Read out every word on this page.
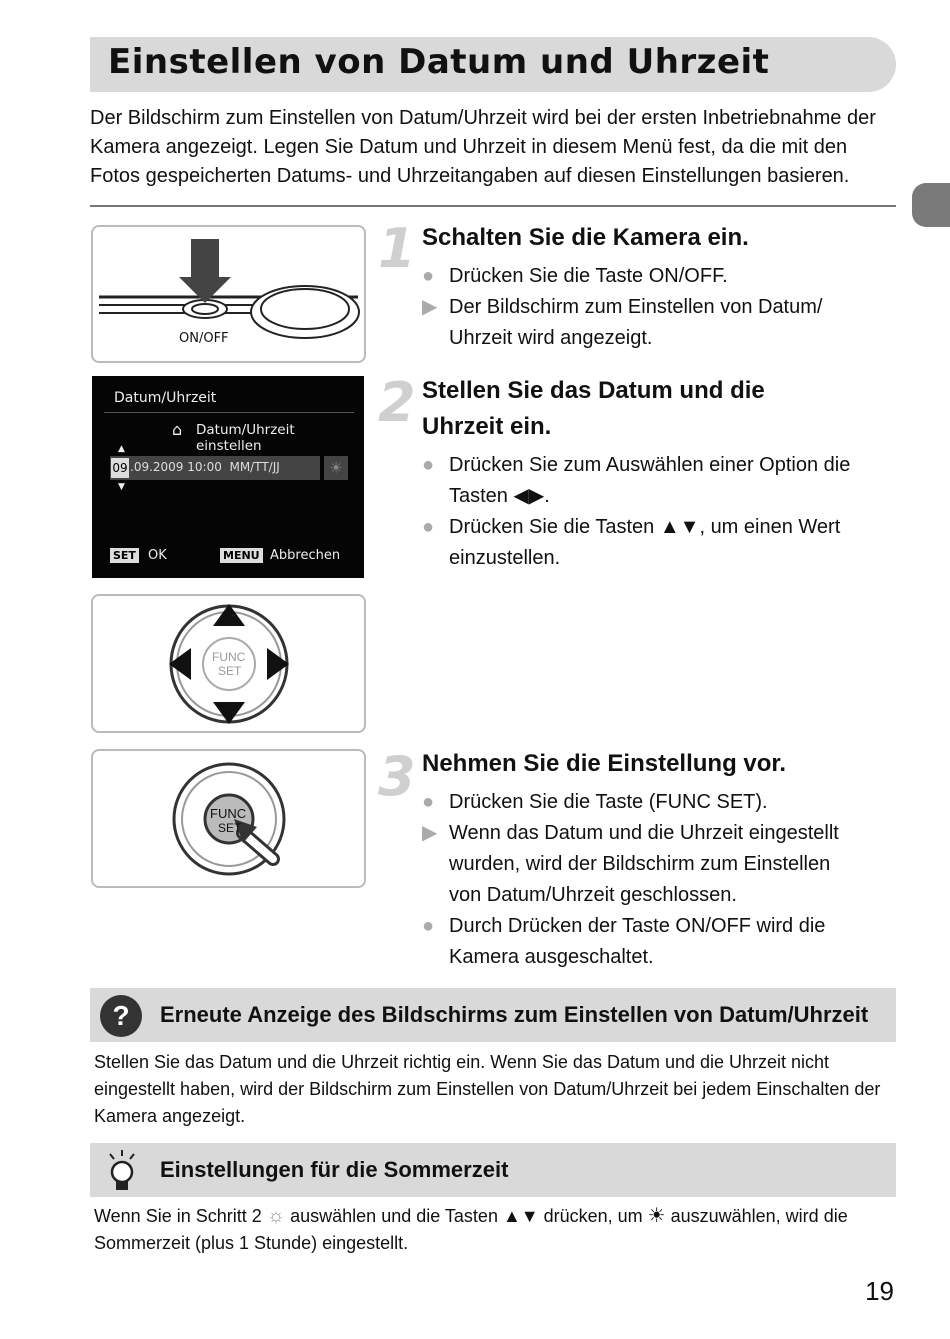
Einstellen von Datum und Uhrzeit
Der Bildschirm zum Einstellen von Datum/Uhrzeit wird bei der ersten Inbetriebnahme der Kamera angezeigt. Legen Sie Datum und Uhrzeit in diesem Menü fest, da die mit den Fotos gespeicherten Datums- und Uhrzeitangaben auf diesen Einstellungen basieren.
ON/OFF
1 Schalten Sie die Kamera ein.
● Drücken Sie die Taste ON/OFF.
▶ Der Bildschirm zum Einstellen von Datum/ Uhrzeit wird angezeigt.
Datum/Uhrzeit
⌂ Datum/Uhrzeit einstellen
▲
09 .09.2009 10:00  MM/TT/JJ	☀
▼
SET OK	MENU Abbrechen
2 Stellen Sie das Datum und die Uhrzeit ein.
● Drücken Sie zum Auswählen einer Option die Tasten ◀▶.
● Drücken Sie die Tasten ▲▼, um einen Wert einzustellen.
FUNC
SET
FUNC
SET
3 Nehmen Sie die Einstellung vor.
● Drücken Sie die Taste (FUNC SET).
▶ Wenn das Datum und die Uhrzeit eingestellt wurden, wird der Bildschirm zum Einstellen von Datum/Uhrzeit geschlossen.
● Durch Drücken der Taste ON/OFF wird die Kamera ausgeschaltet.
?	Erneute Anzeige des Bildschirms zum Einstellen von Datum/Uhrzeit
Stellen Sie das Datum und die Uhrzeit richtig ein. Wenn Sie das Datum und die Uhrzeit nicht eingestellt haben, wird der Bildschirm zum Einstellen von Datum/Uhrzeit bei jedem Einschalten der Kamera angezeigt.
Einstellungen für die Sommerzeit
Wenn Sie in Schritt 2 ☼ auswählen und die Tasten ▲▼ drücken, um ☀ auszuwählen, wird die Sommerzeit (plus 1 Stunde) eingestellt.
19
